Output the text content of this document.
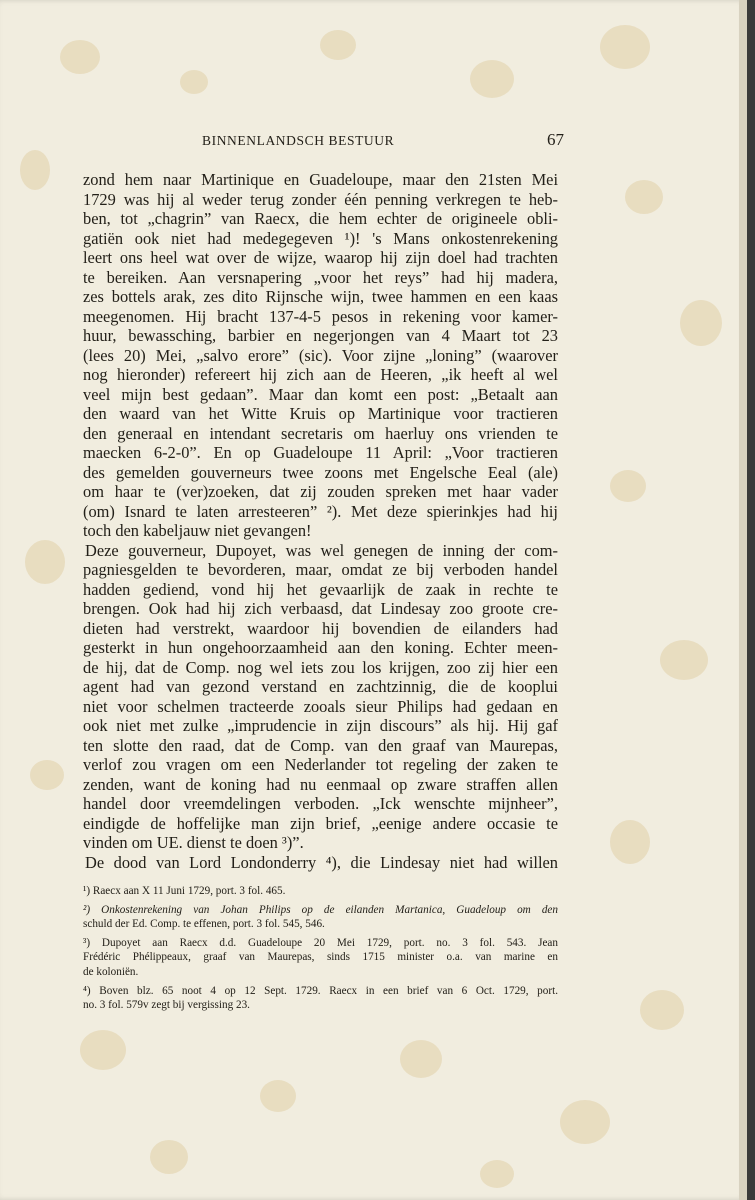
BINNENLANDSCH BESTUUR	67
zond hem naar Martinique en Guadeloupe, maar den 21sten Mei
1729 was hij al weder terug zonder één penning verkregen te heb-
ben, tot „chagrin” van Raecx, die hem echter de origineele obli-
gatiën ook niet had medegegeven ¹)! 's Mans onkostenrekening
leert ons heel wat over de wijze, waarop hij zijn doel had trachten
te bereiken. Aan versnapering „voor het reys” had hij madera,
zes bottels arak, zes dito Rijnsche wijn, twee hammen en een kaas
meegenomen. Hij bracht 137-4-5 pesos in rekening voor kamer-
huur, bewassching, barbier en negerjongen van 4 Maart tot 23
(lees 20) Mei, „salvo erore” (sic). Voor zijne „loning” (waarover
nog hieronder) refereert hij zich aan de Heeren, „ik heeft al wel
veel mijn best gedaan”. Maar dan komt een post: „Betaalt aan
den waard van het Witte Kruis op Martinique voor tractieren
den generaal en intendant secretaris om haerluy ons vrienden te
maecken 6-2-0”. En op Guadeloupe 11 April: „Voor tractieren
des gemelden gouverneurs twee zoons met Engelsche Eeal (ale)
om haar te (ver)zoeken, dat zij zouden spreken met haar vader
(om) Isnard te laten arresteeren” ²). Met deze spierinkjes had hij
toch den kabeljauw niet gevangen!
Deze gouverneur, Dupoyet, was wel genegen de inning der com-
pagniesgelden te bevorderen, maar, omdat ze bij verboden handel
hadden gediend, vond hij het gevaarlijk de zaak in rechte te
brengen. Ook had hij zich verbaasd, dat Lindesay zoo groote cre-
dieten had verstrekt, waardoor hij bovendien de eilanders had
gesterkt in hun ongehoorzaamheid aan den koning. Echter meen-
de hij, dat de Comp. nog wel iets zou los krijgen, zoo zij hier een
agent had van gezond verstand en zachtzinnig, die de kooplui
niet voor schelmen tracteerde zooals sieur Philips had gedaan en
ook niet met zulke „imprudencie in zijn discours” als hij. Hij gaf
ten slotte den raad, dat de Comp. van den graaf van Maurepas,
verlof zou vragen om een Nederlander tot regeling der zaken te
zenden, want de koning had nu eenmaal op zware straffen allen
handel door vreemdelingen verboden. „Ick wenschte mijnheer”,
eindigde de hoffelijke man zijn brief, „eenige andere occasie te
vinden om UE. dienst te doen ³)”.
De dood van Lord Londonderry ⁴), die Lindesay niet had willen
¹) Raecx aan X 11 Juni 1729, port. 3 fol. 465.
²) Onkostenrekening van Johan Philips op de eilanden Martanica, Guadeloup om den
schuld der Ed. Comp. te effenen, port. 3 fol. 545, 546.
³) Dupoyet aan Raecx d.d. Guadeloupe 20 Mei 1729, port. no. 3 fol. 543. Jean
Frédéric Phélippeaux, graaf van Maurepas, sinds 1715 minister o.a. van marine en
de koloniën.
⁴) Boven blz. 65 noot 4 op 12 Sept. 1729. Raecx in een brief van 6 Oct. 1729, port.
no. 3 fol. 579v zegt bij vergissing 23.
